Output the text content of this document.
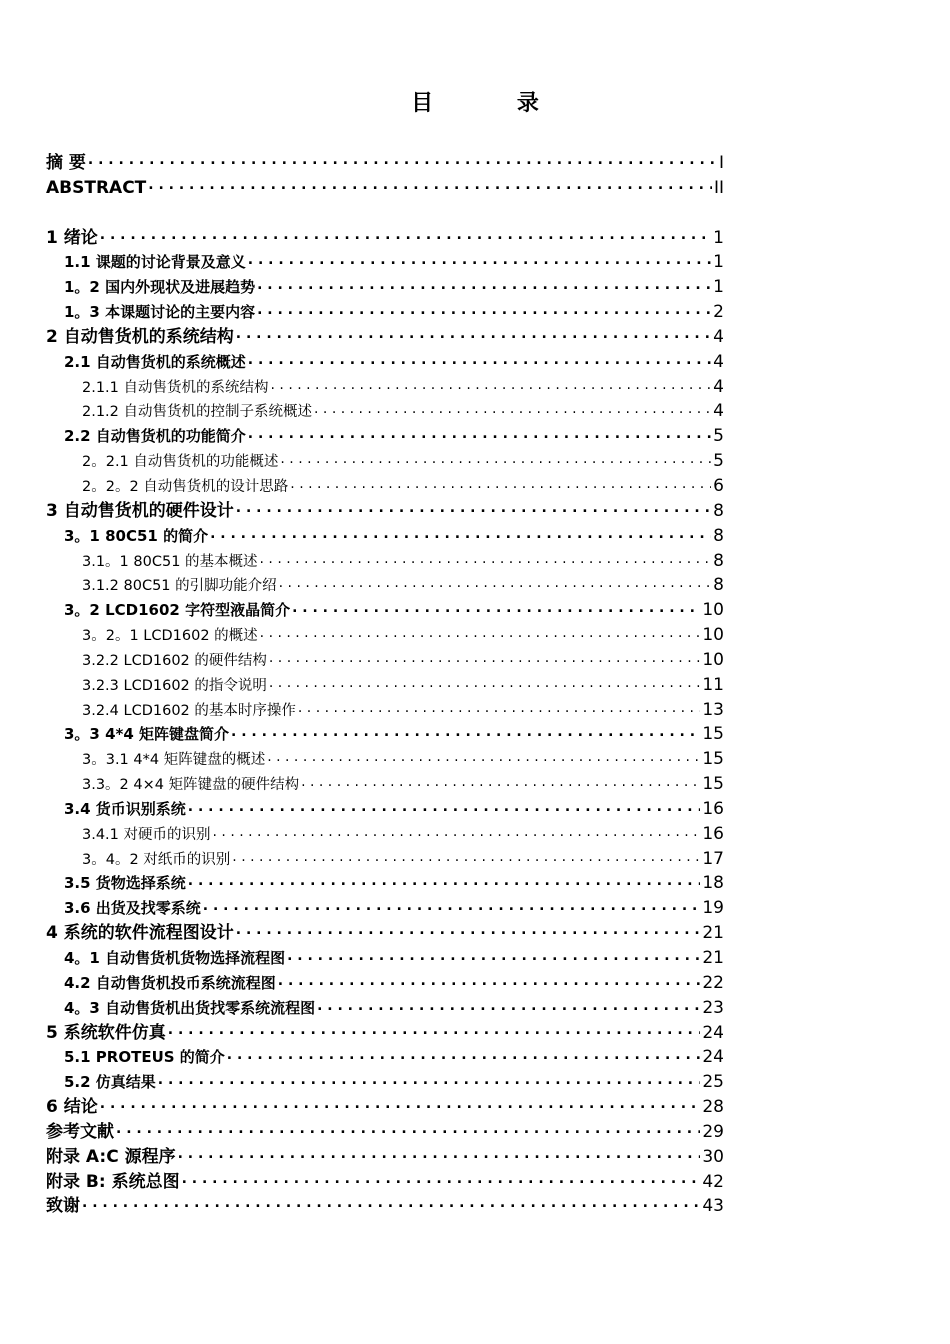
目 录
摘 要 . . .	I
ABSTRACT . . .	II
1 绪论 . . .	1
1.1 课题的讨论背景及意义 . . .	1
1。2 国内外现状及进展趋势 . . .	1
1。3 本课题讨论的主要内容 . . .	2
2 自动售货机的系统结构 . . .	4
2.1 自动售货机的系统概述 . . .	4
2.1.1 自动售货机的系统结构 . . .	4
2.1.2 自动售货机的控制子系统概述 . . .	4
2.2 自动售货机的功能简介 . . .	5
2。2.1 自动售货机的功能概述 . . .	5
2。2。2 自动售货机的设计思路 . . .	6
3 自动售货机的硬件设计 . . .	8
3。1 80C51 的简介 . . .	8
3.1。1 80C51 的基本概述 . . .	8
3.1.2 80C51 的引脚功能介绍 . . .	8
3。2 LCD1602 字符型液晶简介 . . .	10
3。2。1 LCD1602 的概述 . . .	10
3.2.2 LCD1602 的硬件结构 . . .	10
3.2.3 LCD1602 的指令说明 . . .	11
3.2.4 LCD1602 的基本时序操作 . . .	13
3。3 4*4 矩阵键盘简介 . . .	15
3。3.1 4*4 矩阵键盘的概述 . . .	15
3.3。2 4×4 矩阵键盘的硬件结构 . . .	15
3.4 货币识别系统 . . .	16
3.4.1 对硬币的识别 . . .	16
3。4。2 对纸币的识别 . . .	17
3.5 货物选择系统 . . .	18
3.6 出货及找零系统 . . .	19
4 系统的软件流程图设计 . . .	21
4。1 自动售货机货物选择流程图 . . .	21
4.2 自动售货机投币系统流程图 . . .	22
4。3 自动售货机出货找零系统流程图 . . .	23
5 系统软件仿真 . . .	24
5.1 PROTEUS 的简介 . . .	24
5.2 仿真结果 . . .	25
6 结论 . . .	28
参考文献 . . .	29
附录 A:C 源程序 . . .	30
附录 B: 系统总图 . . .	42
致谢 . . .	43
